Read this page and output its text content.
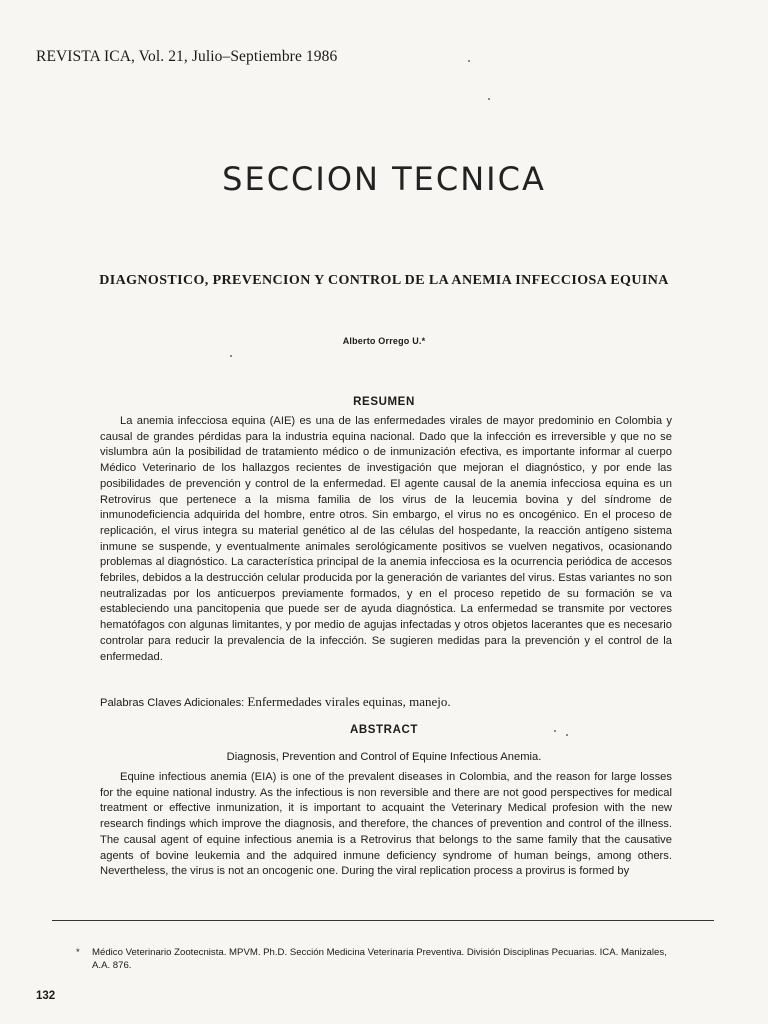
REVISTA ICA, Vol. 21, Julio–Septiembre 1986
SECCION TECNICA
DIAGNOSTICO, PREVENCION Y CONTROL DE LA ANEMIA INFECCIOSA EQUINA
Alberto Orrego U.*
RESUMEN

La anemia infecciosa equina (AIE) es una de las enfermedades virales de mayor predominio en Colombia y causal de grandes pérdidas para la industria equina nacional. Dado que la infección es irreversible y que no se vislumbra aún la posibilidad de tratamiento médico o de inmunización efectiva, es importante informar al cuerpo Médico Veterinario de los hallazgos recientes de investigación que mejoran el diagnóstico, y por ende las posibilidades de prevención y control de la enfermedad. El agente causal de la anemia infecciosa equina es un Retrovirus que pertenece a la misma familia de los virus de la leucemia bovina y del síndrome de inmunodeficiencia adquirida del hombre, entre otros. Sin embargo, el virus no es oncogénico. En el proceso de replicación, el virus integra su material genético al de las células del hospedante, la reacción antígeno sistema inmune se suspende, y eventualmente animales serológicamente positivos se vuelven negativos, ocasionando problemas al diagnóstico. La característica principal de la anemia infecciosa es la ocurrencia periódica de accesos febriles, debidos a la destrucción celular producida por la generación de variantes del virus. Estas variantes no son neutralizadas por los anticuerpos previamente formados, y en el proceso repetido de su formación se va estableciendo una pancitopenia que puede ser de ayuda diagnóstica. La enfermedad se transmite por vectores hematófagos con algunas limitantes, y por medio de agujas infectadas y otros objetos lacerantes que es necesario controlar para reducir la prevalencia de la infección. Se sugieren medidas para la prevención y el control de la enfermedad.

Palabras Claves Adicionales: Enfermedades virales equinas, manejo.
ABSTRACT
Diagnosis, Prevention and Control of Equine Infectious Anemia.

Equine infectious anemia (EIA) is one of the prevalent diseases in Colombia, and the reason for large losses for the equine national industry. As the infectious is non reversible and there are not good perspectives for medical treatment or effective inmunization, it is important to acquaint the Veterinary Medical profesion with the new research findings which improve the diagnosis, and therefore, the chances of prevention and control of the illness. The causal agent of equine infectious anemia is a Retrovirus that belongs to the same family that the causative agents of bovine leukemia and the adquired inmune deficiency syndrome of human beings, among others. Nevertheless, the virus is not an oncogenic one. During the viral replication process a provirus is formed by

* Médico Veterinario Zootecnista. MPVM. Ph.D. Sección Medicina Veterinaria Preventiva. División Disciplinas Pecuarias. ICA. Manizales, A.A. 876.
132
